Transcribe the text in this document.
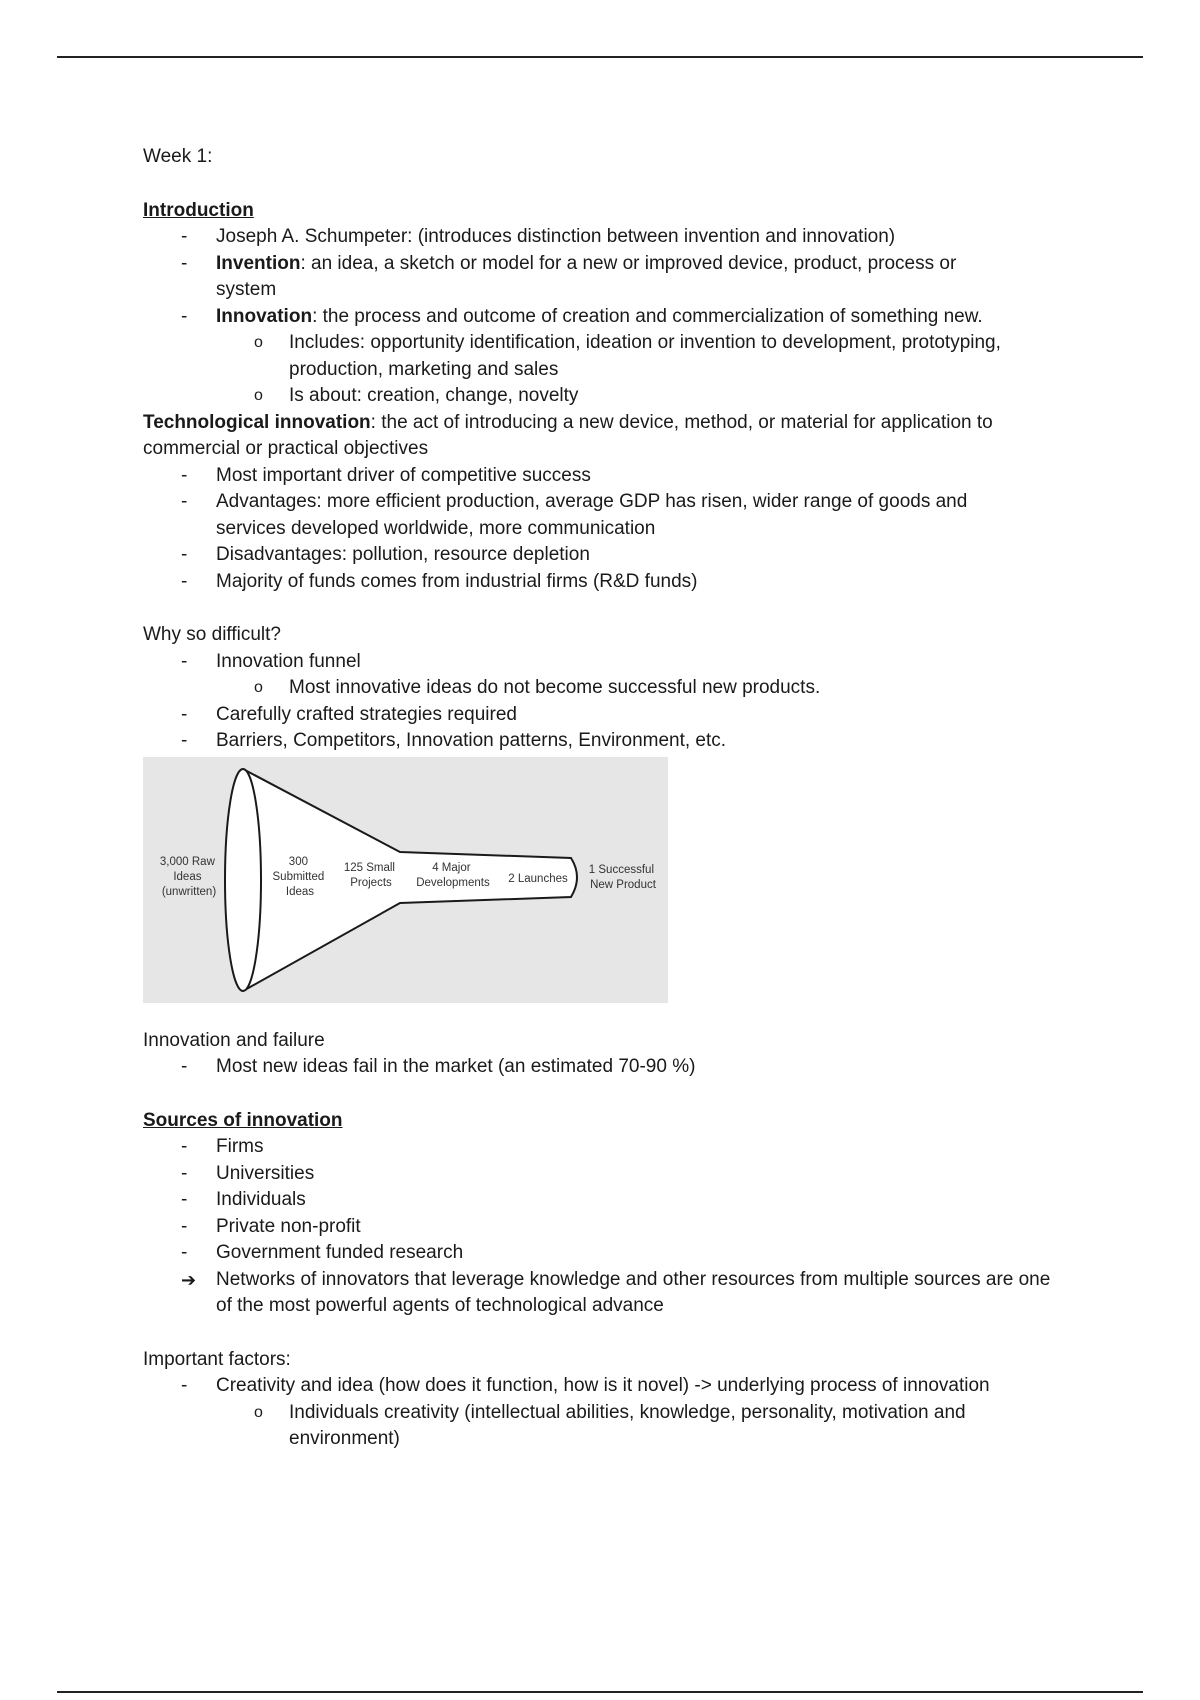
Week 1:
Introduction
- Joseph A. Schumpeter: (introduces distinction between invention and innovation)
- Invention: an idea, a sketch or model for a new or improved device, product, process or system
- Innovation: the process and outcome of creation and commercialization of something new.
o Includes: opportunity identification, ideation or invention to development, prototyping, production, marketing and sales
o Is about: creation, change, novelty
Technological innovation: the act of introducing a new device, method, or material for application to commercial or practical objectives
- Most important driver of competitive success
- Advantages: more efficient production, average GDP has risen, wider range of goods and services developed worldwide, more communication
- Disadvantages: pollution, resource depletion
- Majority of funds comes from industrial firms (R&D funds)
Why so difficult?
- Innovation funnel
o Most innovative ideas do not become successful new products.
- Carefully crafted strategies required
- Barriers, Competitors, Innovation patterns, Environment, etc.
3,000 Raw Ideas (unwritten)
300 Submitted Ideas
125 Small Projects
4 Major Developments 2 Launches
1 Successful New Product
Innovation and failure
- Most new ideas fail in the market (an estimated 70-90 %)
Sources of innovation
- Firms
- Universities
- Individuals
- Private non-profit
- Government funded research
➔ Networks of innovators that leverage knowledge and other resources from multiple sources are one of the most powerful agents of technological advance
Important factors:
- Creativity and idea (how does it function, how is it novel) -> underlying process of innovation
o Individuals creativity (intellectual abilities, knowledge, personality, motivation and environment)
